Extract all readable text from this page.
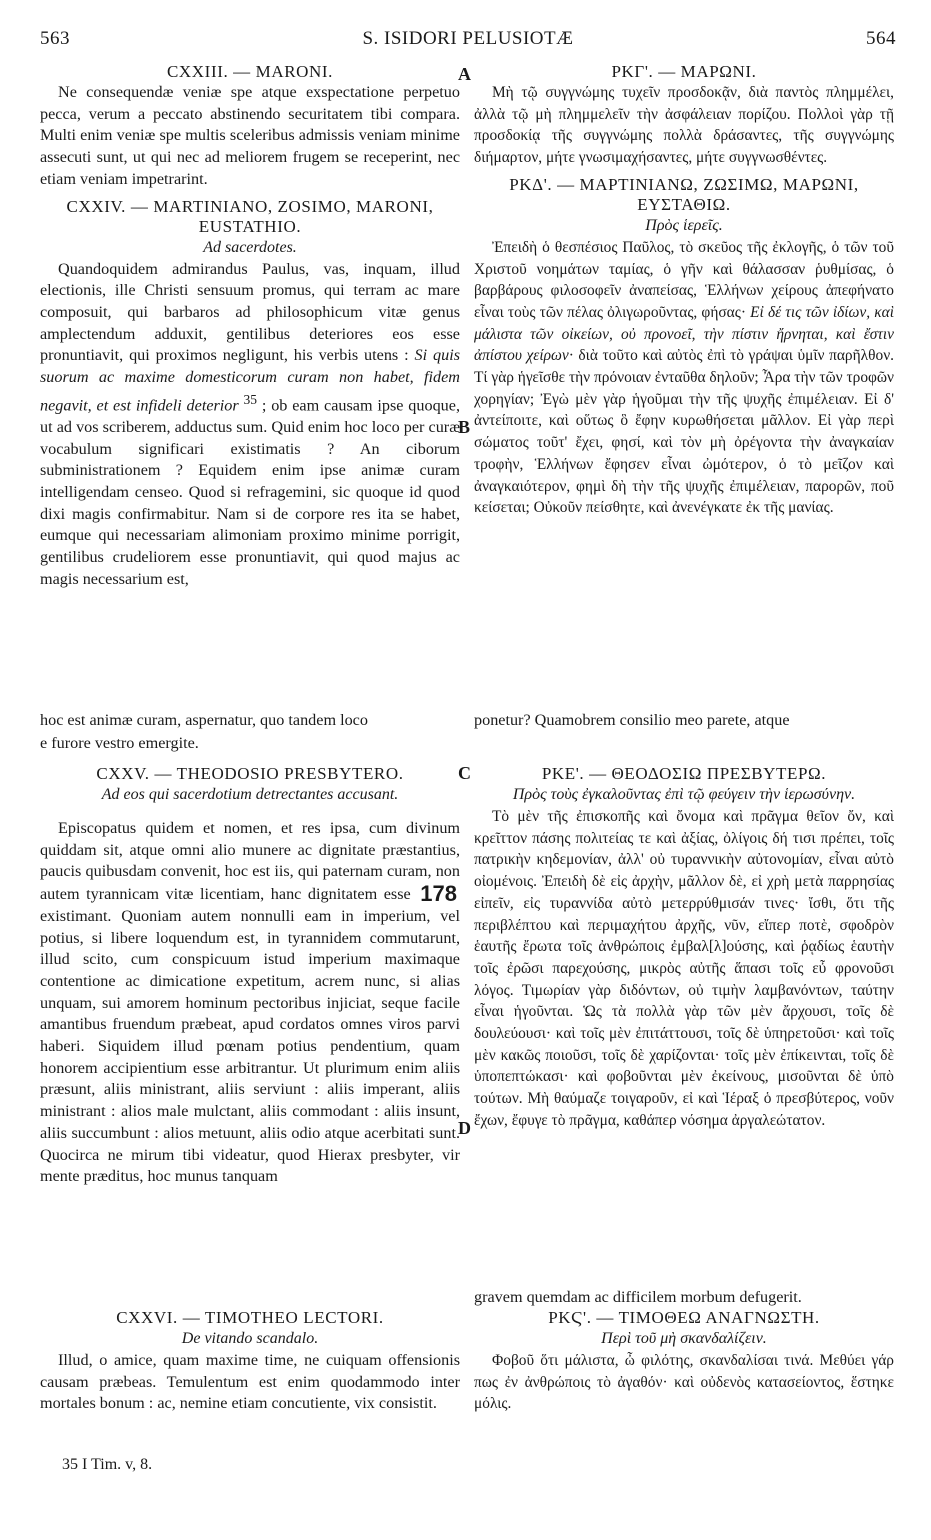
563	S. ISIDORI PELUSIOTÆ	564
A
B
C
D

CXXIII. — MARONI.

Ne consequendæ veniæ spe atque exspectatione perpetuo pecca, verum a peccato abstinendo securitatem tibi compara. Multi enim veniæ spe multis sceleribus admissis veniam minime assecuti sunt, ut qui nec ad meliorem frugem se receperint, nec etiam veniam impetrarint.

CXXIV. — MARTINIANO, ZOSIMO, MARONI, EUSTATHIO.

Ad sacerdotes.

Quandoquidem admirandus Paulus, vas, inquam, illud electionis, ille Christi sensuum promus, qui terram ac mare composuit, qui barbaros ad philosophicum vitæ genus amplectendum adduxit, gentilibus deteriores eos esse pronuntiavit, qui proximos negligunt, his verbis utens : Si quis suorum ac maxime domesticorum curam non habet, fidem negavit, et est infideli deterior $^{35}$ ; ob eam causam ipse quoque, ut ad vos scriberem, adductus sum. Quid enim hoc loco per curæ vocabulum significari existimatis ? An ciborum subministrationem ? Equidem enim ipse animæ curam intelligendam censeo. Quod si refragemini, sic quoque id quod dixi magis confirmabitur. Nam si de corpore res ita se habet, eumque qui necessariam alimoniam proximo minime porrigit, gentilibus crudeliorem esse pronuntiavit, qui quod majus ac magis necessarium est,

ΡΚΓ'. — ΜΑΡΩΝΙ.

Μὴ τῷ συγγνώμης τυχεῖν προσδοκᾷν, διὰ παντὸς πλημμέλει, ἀλλὰ τῷ μὴ πλημμελεῖν τὴν ἀσφάλειαν πορίζου. Πολλοὶ γὰρ τῇ προσδοκίᾳ τῆς συγγνώμης πολλὰ δράσαντες, τῆς συγγνώμης διήμαρτον, μήτε γνωσιμαχήσαντες, μήτε συγγνωσθέντες.

ΡΚΔ'. — ΜΑΡΤΙΝΙΑΝΩ, ΖΩΣΙΜΩ, ΜΑΡΩΝΙ, ΕΥΣΤΑΘΙΩ.

Πρὸς ἱερεῖς.

Ἐπειδὴ ὁ θεσπέσιος Παῦλος, τὸ σκεῦος τῆς ἐκλογῆς, ὁ τῶν τοῦ Χριστοῦ νοημάτων ταμίας, ὁ γῆν καὶ θάλασσαν ῥυθμίσας, ὁ βαρβάρους φιλοσοφεῖν ἀναπείσας, Ἑλλήνων χείρους ἀπεφήνατο εἶναι τοὺς τῶν πέλας ὀλιγωροῦντας, φήσας· Εἰ δέ τις τῶν ἰδίων, καὶ μάλιστα τῶν οἰκείων, οὐ προνοεῖ, τὴν πίστιν ἤρνηται, καὶ ἔστιν ἀπίστου χείρων· διὰ τοῦτο καὶ αὐτὸς ἐπὶ τὸ γράψαι ὑμῖν παρῆλθον. Τί γὰρ ἡγεῖσθε τὴν πρόνοιαν ἐνταῦθα δηλοῦν; Ἆρα τὴν τῶν τροφῶν χορηγίαν; Ἐγὼ μὲν γὰρ ἡγοῦμαι τὴν τῆς ψυχῆς ἐπιμέλειαν. Εἰ δ' ἀντείποιτε, καὶ οὕτως ὃ ἔφην κυρωθήσεται μᾶλλον. Εἰ γὰρ περὶ σώματος τοῦτ' ἔχει, φησί, καὶ τὸν μὴ ὀρέγοντα τὴν ἀναγκαίαν τροφὴν, Ἑλλήνων ἔφησεν εἶναι ὠμότερον, ὁ τὸ μεῖζον καὶ ἀναγκαιότερον, φημὶ δὴ τὴν τῆς ψυχῆς ἐπιμέλειαν, παρορῶν, ποῦ κείσεται; Οὐκοῦν πείσθητε, καὶ ἀνενέγκατε ἐκ τῆς μανίας.

hoc est animæ curam, aspernatur, quo tandem loco	ponetur? Quamobrem consilio meo parete, atque
e furore vestro emergite.

CXXV. — THEODOSIO PRESBYTERO.

Ad eos qui sacerdotium detrectantes accusant.

Episcopatus quidem et nomen, et res ipsa, cum divinum quiddam sit, atque omni alio munere ac dignitate præstantius, paucis quibusdam convenit, hoc est iis, qui paternam curam, non autem tyrannicam vitæ licentiam, hanc dignitatem esse 178 existimant. Quoniam autem nonnulli eam in imperium, vel potius, si libere loquendum est, in tyrannidem commutarunt, illud scito, cum conspicuum istud imperium maximaque contentione ac dimicatione expetitum, acrem nunc, si alias unquam, sui amorem hominum pectoribus injiciat, seque facile amantibus fruendum præbeat, apud cordatos omnes viros parvi haberi. Siquidem illud pœnam potius pendentium, quam honorem accipientium esse arbitrantur. Ut plurimum enim aliis præsunt, aliis ministrant, aliis serviunt : aliis imperant, aliis ministrant : alios male mulctant, aliis commodant : aliis insunt, aliis succumbunt : alios metuunt, aliis odio atque acerbitati sunt. Quocirca ne mirum tibi videatur, quod Hierax presbyter, vir mente præditus, hoc munus tanquam

ΡΚΕ'. — ΘΕΟΔΟΣΙΩ ΠΡΕΣΒΥΤΕΡΩ.

Πρὸς τοὺς ἐγκαλοῦντας ἐπὶ τῷ φεύγειν τὴν ἱερωσύνην.

Τὸ μὲν τῆς ἐπισκοπῆς καὶ ὄνομα καὶ πρᾶγμα θεῖον ὄν, καὶ κρεῖττον πάσης πολιτείας τε καὶ ἀξίας, ὀλίγοις δή τισι πρέπει, τοῖς πατρικὴν κηδεμονίαν, ἀλλ' οὐ τυραννικὴν αὐτονομίαν, εἶναι αὐτὸ οἰομένοις. Ἐπειδὴ δὲ εἰς ἀρχὴν, μᾶλλον δὲ, εἰ χρὴ μετὰ παρρησίας εἰπεῖν, εἰς τυραννίδα αὐτὸ μετερρύθμισάν τινες· ἴσθι, ὅτι τῆς περιβλέπτου καὶ περιμαχήτου ἀρχῆς, νῦν, εἴπερ ποτὲ, σφοδρὸν ἑαυτῆς ἔρωτα τοῖς ἀνθρώποις ἐμβαλ[λ]ούσης, καὶ ῥᾳδίως ἑαυτὴν τοῖς ἐρῶσι παρεχούσης, μικρὸς αὐτῆς ἅπασι τοῖς εὖ φρονοῦσι λόγος. Τιμωρίαν γὰρ διδόντων, οὐ τιμὴν λαμβανόντων, ταύτην εἶναι ἡγοῦνται. Ὡς τὰ πολλὰ γὰρ τῶν μὲν ἄρχουσι, τοῖς δὲ δουλεύουσι· καὶ τοῖς μὲν ἐπιτάττουσι, τοῖς δὲ ὑπηρετοῦσι· καὶ τοῖς μὲν κακῶς ποιοῦσι, τοῖς δὲ χαρίζονται· τοῖς μὲν ἐπίκεινται, τοῖς δὲ ὑποπεπτώκασι· καὶ φοβοῦνται μὲν ἐκείνους, μισοῦνται δὲ ὑπὸ τούτων. Μὴ θαύμαζε τοιγαροῦν, εἰ καὶ Ἱέραξ ὁ πρεσβύτερος, νοῦν ἔχων, ἔφυγε τὸ πρᾶγμα, καθάπερ νόσημα ἀργαλεώτατον.

gravem quemdam ac difficilem morbum defugerit.

CXXVI. — TIMOTHEO LECTORI.

De vitando scandalo.

Illud, o amice, quam maxime time, ne cuiquam offensionis causam præbeas. Temulentum est enim quodammodo inter mortales bonum : ac, nemine etiam concutiente, vix consistit.

ΡΚϚ'. — ΤΙΜΟΘΕΩ ΑΝΑΓΝΩΣΤΗ.

Περὶ τοῦ μὴ σκανδαλίζειν.

Φοβοῦ ὅτι μάλιστα, ὦ φιλότης, σκανδαλίσαι τινά. Μεθύει γάρ πως ἐν ἀνθρώποις τὸ ἀγαθόν· καὶ οὐδενὸς κατασείοντος, ἕστηκε μόλις.

35 I Tim. v, 8.
